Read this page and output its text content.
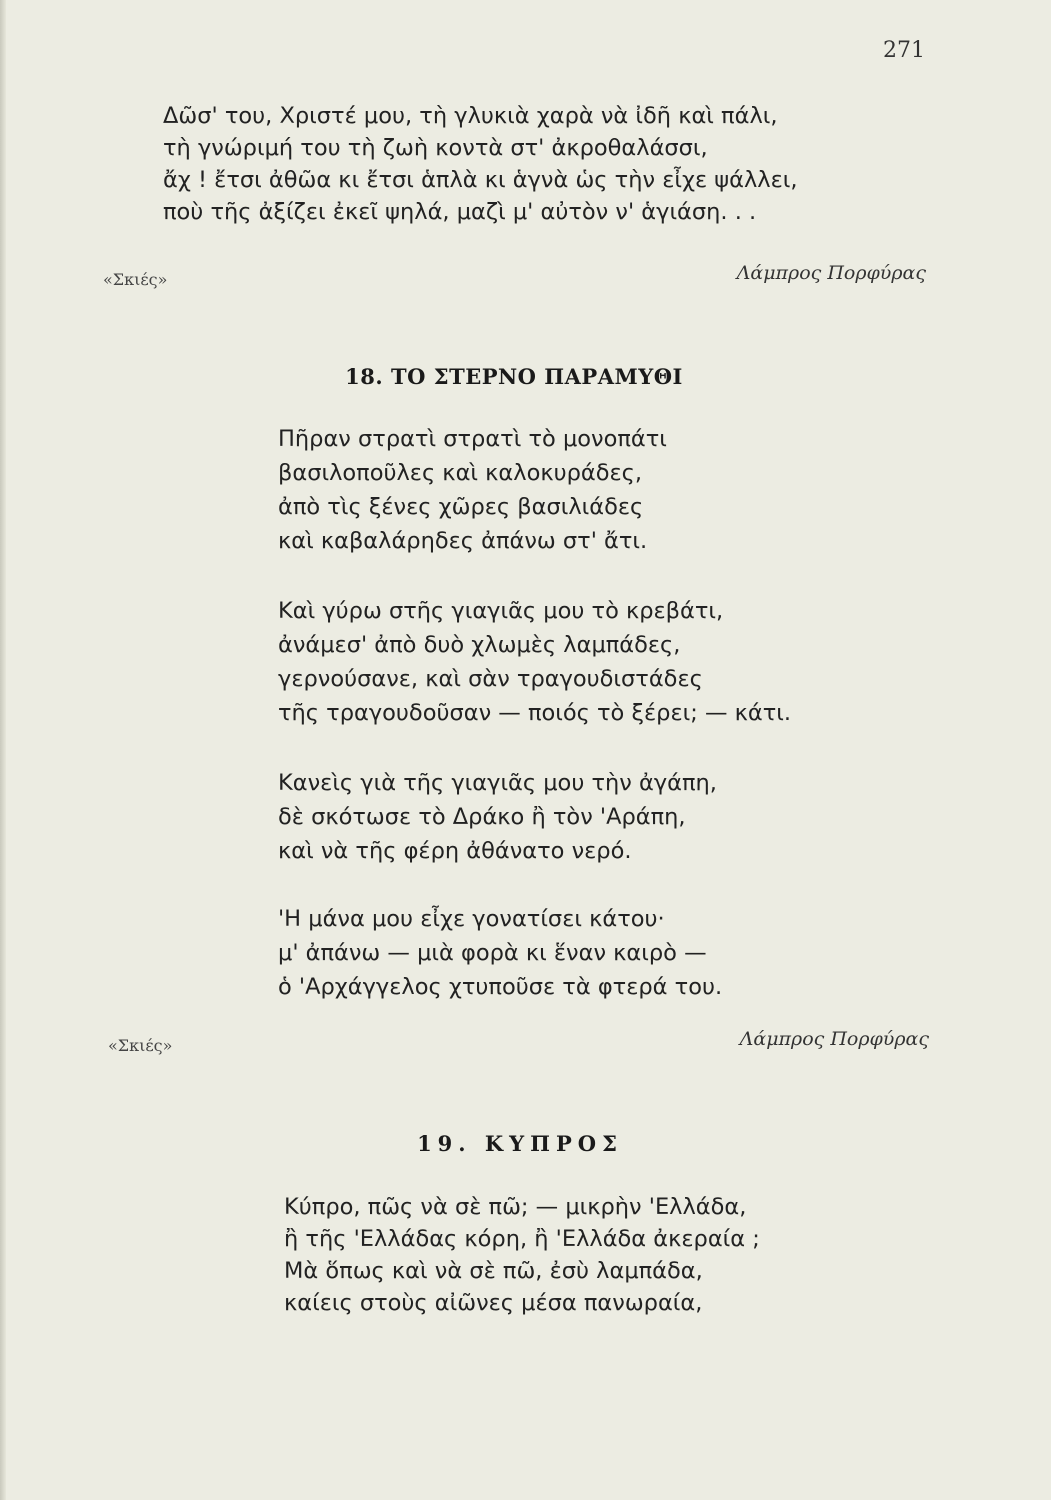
271
Δῶσ' του, Χριστέ μου, τὴ γλυκιὰ χαρὰ νὰ ἰδῆ καὶ πάλι,
τὴ γνώριμή του τὴ ζωὴ κοντὰ στ' ἀκροθαλάσσι,
ἄχ ! ἔτσι ἀθῶα κι ἔτσι ἁπλὰ κι ἁγνὰ ὡς τὴν εἶχε ψάλλει,
ποὺ τῆς ἀξίζει ἐκεῖ ψηλά, μαζὶ μ' αὐτὸν ν' ἁγιάση. . .
«Σκιές»	Λάμπρος Πορφύρας
18. ΤΟ ΣΤΕΡΝΟ ΠΑΡΑΜΥΘΙ
Πῆραν στρατὶ στρατὶ τὸ μονοπάτι
βασιλοποῦλες καὶ καλοκυράδες,
ἀπὸ τὶς ξένες χῶρες βασιλιάδες
καὶ καβαλάρηδες ἀπάνω στ' ἄτι.
Καὶ γύρω στῆς γιαγιᾶς μου τὸ κρεβάτι,
ἀνάμεσ' ἀπὸ δυὸ χλωμὲς λαμπάδες,
γερνούσανε, καὶ σὰν τραγουδιστάδες
τῆς τραγουδοῦσαν — ποιός τὸ ξέρει; — κάτι.
Κανεὶς γιὰ τῆς γιαγιᾶς μου τὴν ἀγάπη,
δὲ σκότωσε τὸ Δράκο ἢ τὸν 'Αράπη,
καὶ νὰ τῆς φέρη ἀθάνατο νερό.
'Η μάνα μου εἶχε γονατίσει κάτου·
μ' ἀπάνω — μιὰ φορὰ κι ἕναν καιρὸ —
ὁ 'Αρχάγγελος χτυποῦσε τὰ φτερά του.
«Σκιές»	Λάμπρος Πορφύρας
19. ΚΥΠΡΟΣ
Κύπρο, πῶς νὰ σὲ πῶ; — μικρὴν 'Ελλάδα,
ἢ τῆς 'Ελλάδας κόρη, ἢ 'Ελλάδα ἀκεραία ;
Μὰ ὅπως καὶ νὰ σὲ πῶ, ἐσὺ λαμπάδα,
καίεις στοὺς αἰῶνες μέσα πανωραία,
